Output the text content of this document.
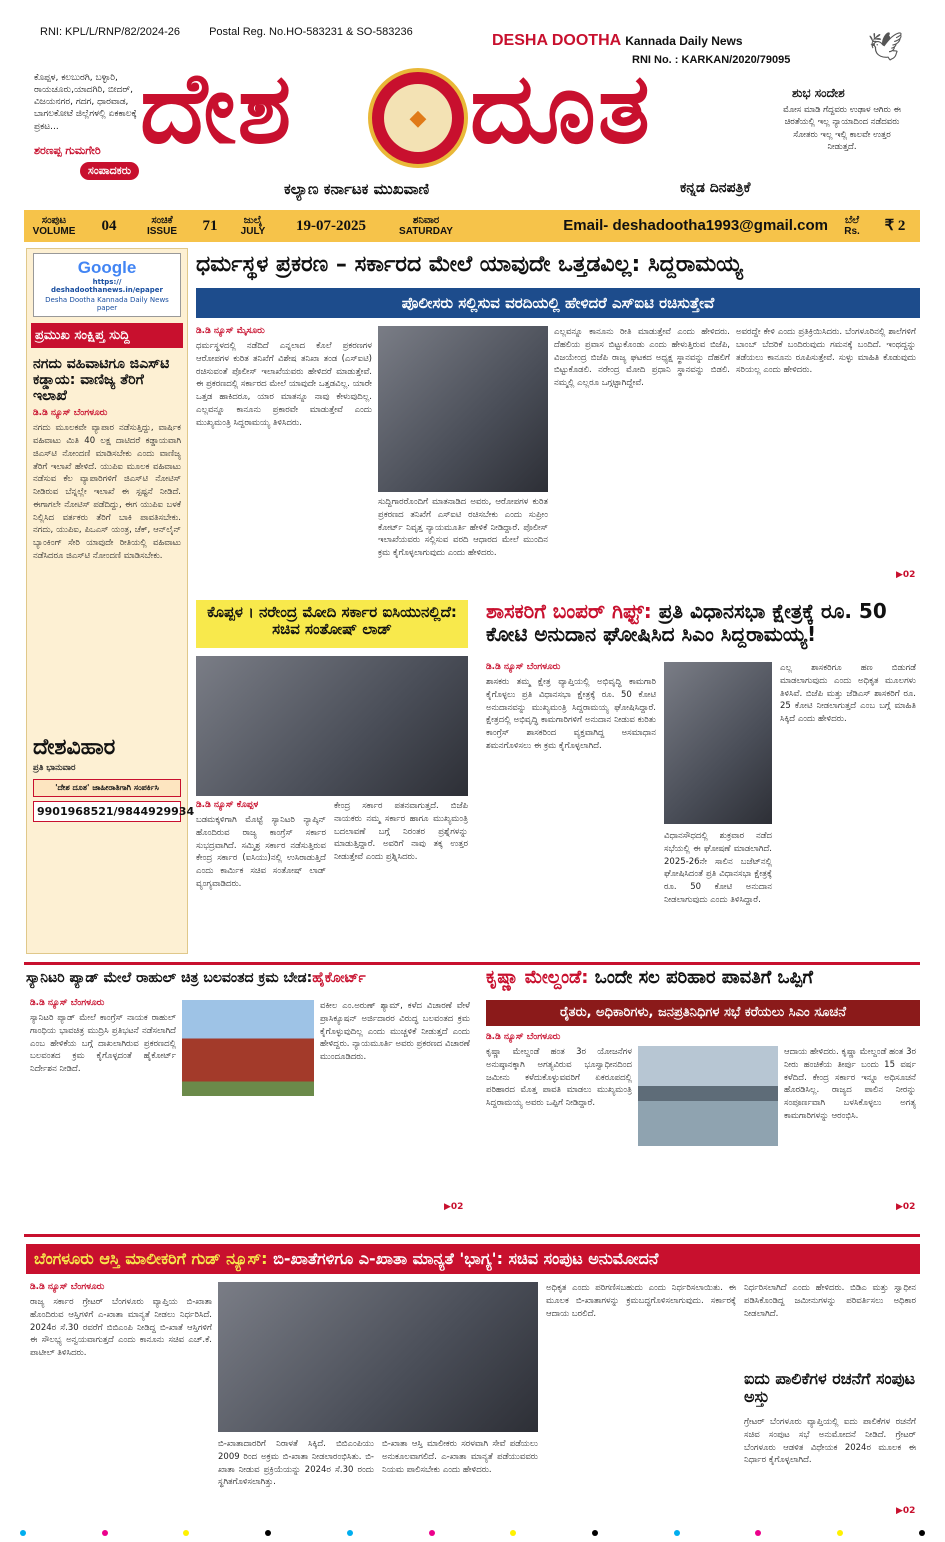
RNI: KPL/L/RNP/82/2024-26	Postal Reg. No.HO-583231 & SO-583236	DESHA DOOTHA Kannada Daily News
RNI No. : KARKAN/2020/79095	🕊
ದೇಶ ದೂತ
◆
ಕಲ್ಯಾಣ ಕರ್ನಾಟಕ ಮುಖವಾಣಿ	ಕನ್ನಡ ದಿನಪತ್ರಿಕೆ
ಕೊಪ್ಪಳ, ಕಲಬುರಗಿ, ಬಳ್ಳಾರಿ, ರಾಯಚೂರು,ಯಾದಗಿರಿ, ಬೀದರ್, ವಿಜಯನಗರ, ಗದಗ, ಧಾರವಾಡ, ಬಾಗಲಕೋಟೆ ಜಿಲ್ಲೆಗಳಲ್ಲಿ ಏಕಕಾಲಕ್ಕೆ ಪ್ರಕಟ...
ಶರಣಪ್ಪ ಗುಮಗೇರಿ
ಸಂಪಾದಕರು
ಶುಭ ಸಂದೇಶ
ಮೋಸ ಮಾಡಿ ಗೆದ್ದವರು ಉಢಾಳ ಆಗಿರು ಈ ಚಿರತೆಯಲ್ಲಿ ಇಲ್ಲ ನ್ಯಾಯಾದಿಂದ ನಡೆದವರು ಸೋತರು ಇಲ್ಲ ಇಲ್ಲಿ ಕಾಲವೇ ಉತ್ತರ ನೀಡುತ್ತದೆ.
ಸಂಪುಟ VOLUME	04	ಸಂಚಿಕೆ ISSUE	71	ಜುಲೈ JULY	19-07-2025	ಶನಿವಾರ SATURDAY	Email- deshadootha1993@gmail.com	ಬೆಲೆ Rs.	₹ 2
Google
https:// deshadoothanews.in/epaper
Desha Dootha Kannada Daily News paper
ಪ್ರಮುಖ ಸಂಕ್ಷಿಪ್ತ ಸುದ್ದಿ
ನಗದು ವಹಿವಾಟಿಗೂ ಜಿಎಸ್‌ಟಿ ಕಡ್ಡಾಯ: ವಾಣಿಜ್ಯ ತೆರಿಗೆ ಇಲಾಖೆ
ಡಿ.ಡಿ ನ್ಯೂಸ್ ಬೆಂಗಳೂರು
ನಗದು ಮೂಲಕವೇ ವ್ಯಾಪಾರ ನಡೆಸುತ್ತಿದ್ದು, ವಾರ್ಷಿಕ ವಹಿವಾಟು ಮಿತಿ 40 ಲಕ್ಷ ದಾಟಿದರೆ ಕಡ್ಡಾಯವಾಗಿ ಜಿಎಸ್‌ಟಿ ನೋಂದಣಿ ಮಾಡಿಸಬೇಕು ಎಂದು ವಾಣಿಜ್ಯ ತೆರಿಗೆ ಇಲಾಖೆ ಹೇಳಿದೆ. ಯುಪಿಐ ಮೂಲಕ ವಹಿವಾಟು ನಡೆಸುವ ಕೆಲ ವ್ಯಾಪಾರಿಗಳಿಗೆ ಜಿಎಸ್‌ಟಿ ನೋಟಿಸ್ ನೀಡಿರುವ ಬೆನ್ನಲ್ಲೇ ಇಲಾಖೆ ಈ ಸ್ಪಷ್ಟನೆ ನೀಡಿದೆ. ಈಗಾಗಲೇ ನೋಟಿಸ್ ಪಡೆದಿದ್ದು, ಈಗ ಯುಪಿಐ ಬಳಕೆ ನಿಲ್ಲಿಸಿದ ವರ್ತಕರು ತೆರಿಗೆ ಬಾಕಿ ಪಾವತಿಸಬೇಕು. ನಗದು, ಯುಪಿಐ, ಪಿಒಎಸ್ ಯಂತ್ರ, ಚೆಕ್, ಆನ್‌ಲೈನ್ ಬ್ಯಾಂಕಿಂಗ್ ಸೇರಿ ಯಾವುದೇ ರೀತಿಯಲ್ಲಿ ವಹಿವಾಟು ನಡೆಸಿದರೂ ಜಿಎಸ್‌ಟಿ ನೋಂದಣಿ ಮಾಡಿಸಬೇಕು.
ದೇಶವಿಹಾರ
ಪ್ರತಿ ಭಾನುವಾರ
'ದೇಶ ದೂತ' ಜಾಹೀರಾತಿಗಾಗಿ ಸಂಪರ್ಕಿಸಿ
9901968521/9844929934
ಧರ್ಮಸ್ಥಳ ಪ್ರಕರಣ – ಸರ್ಕಾರದ ಮೇಲೆ ಯಾವುದೇ ಒತ್ತಡವಿಲ್ಲ: ಸಿದ್ದರಾಮಯ್ಯ
ಪೊಲೀಸರು ಸಲ್ಲಿಸುವ ವರದಿಯಲ್ಲಿ ಹೇಳಿದರೆ ಎಸ್‌ಐಟಿ ರಚಿಸುತ್ತೇವೆ
ಡಿ.ಡಿ ನ್ಯೂಸ್ ಮೈಸೂರು
ಧರ್ಮಸ್ಥಳದಲ್ಲಿ ನಡೆದಿದೆ ಎನ್ನಲಾದ ಕೊಲೆ ಪ್ರಕರಣಗಳ ಆರೋಪಗಳ ಕುರಿತ ತನಿಖೆಗೆ ವಿಶೇಷ ತನಿಖಾ ತಂಡ (ಎಸ್‌ಐಟಿ) ರಚಿಸುವಂತೆ ಪೊಲೀಸ್ ಇಲಾಖೆಯವರು ಹೇಳಿದರೆ ಮಾಡುತ್ತೇವೆ. ಈ ಪ್ರಕರಣದಲ್ಲಿ ಸರ್ಕಾರದ ಮೇಲೆ ಯಾವುದೇ ಒತ್ತಡವಿಲ್ಲ. ಯಾರೇ ಒತ್ತಡ ಹಾಕಿದರೂ, ಯಾರ ಮಾತನ್ನೂ ನಾವು ಕೇಳುವುದಿಲ್ಲ. ಎಲ್ಲವನ್ನೂ ಕಾನೂನು ಪ್ರಕಾರವೇ ಮಾಡುತ್ತೇವೆ ಎಂದು ಮುಖ್ಯಮಂತ್ರಿ ಸಿದ್ದರಾಮಯ್ಯ ತಿಳಿಸಿದರು.
ಸುದ್ದಿಗಾರರೊಂದಿಗೆ ಮಾತನಾಡಿದ ಅವರು, ಆರೋಪಗಳ ಕುರಿತ ಪ್ರಕರಣದ ತನಿಖೆಗೆ ಎಸ್‌ಐಟಿ ರಚಿಸಬೇಕು ಎಂದು ಸುಪ್ರೀಂ ಕೋರ್ಟ್ ನಿವೃತ್ತ ನ್ಯಾಯಮೂರ್ತಿ ಹೇಳಿಕೆ ನೀಡಿದ್ದಾರೆ. ಪೊಲೀಸ್ ಇಲಾಖೆಯವರು ಸಲ್ಲಿಸುವ ವರದಿ ಆಧಾರದ ಮೇಲೆ ಮುಂದಿನ ಕ್ರಮ ಕೈಗೊಳ್ಳಲಾಗುವುದು ಎಂದು ಹೇಳಿದರು.
ಎಲ್ಲವನ್ನೂ ಕಾನೂನು ರೀತಿ ಮಾಡುತ್ತೇವೆ ಎಂದು ಹೇಳಿದರು. ದೆಹಲಿಯ ಪ್ರವಾಸ ಬಿಟ್ಟುಕೊಂಡು ಎಂದು ಹೇಳುತ್ತಿರುವ ಬಿಜೆಪಿ, ವಿಜಯೇಂದ್ರ ಬಿಜೆಪಿ ರಾಜ್ಯ ಘಟಕದ ಅಧ್ಯಕ್ಷ ಸ್ಥಾನವನ್ನು ದೆಹಲಿಗೆ ಬಿಟ್ಟುಕೊಡಲಿ. ನರೇಂದ್ರ ಮೋದಿ ಪ್ರಧಾನಿ ಸ್ಥಾನವನ್ನು ಬಿಡಲಿ. ನಮ್ಮಲ್ಲಿ ಎಲ್ಲರೂ ಒಗ್ಗಟ್ಟಾಗಿದ್ದೇವೆ.
ಅವರದ್ದೇ ಕೇಳಿ ಎಂದು ಪ್ರತಿಕ್ರಿಯಿಸಿದರು. ಬೆಂಗಳೂರಿನಲ್ಲಿ ಶಾಲೆಗಳಿಗೆ ಬಾಂಬ್ ಬೆದರಿಕೆ ಬಂದಿರುವುದು ಗಮನಕ್ಕೆ ಬಂದಿದೆ. ಇಂಥದ್ದನ್ನು ತಡೆಯಲು ಕಾನೂನು ರೂಪಿಸುತ್ತೇವೆ. ಸುಳ್ಳು ಮಾಹಿತಿ ಕೊಡುವುದು ಸರಿಯಲ್ಲ ಎಂದು ಹೇಳಿದರು.
▶02
ಕೊಪ್ಪಳ । ನರೇಂದ್ರ ಮೋದಿ ಸರ್ಕಾರ ಐಸಿಯುನಲ್ಲಿದೆ: ಸಚಿವ ಸಂತೋಷ್ ಲಾಡ್
ಡಿ.ಡಿ ನ್ಯೂಸ್ ಕೊಪ್ಪಳ
ಬಡಮಕ್ಕಳಿಗಾಗಿ ಮೊಟ್ಟೆ ಸ್ಯಾನಿಟರಿ ನ್ಯಾಪ್ಕಿನ್ ಹೊಂದಿರುವ ರಾಜ್ಯ ಕಾಂಗ್ರೆಸ್ ಸರ್ಕಾರ ಸುಭದ್ರವಾಗಿದೆ. ಸಮ್ಮಿಶ್ರ ಸರ್ಕಾರ ನಡೆಸುತ್ತಿರುವ ಕೇಂದ್ರ ಸರ್ಕಾರ (ಐಸಿಯು)ನಲ್ಲಿ ಉಸಿರಾಡುತ್ತಿದೆ ಎಂದು ಕಾರ್ಮಿಕ ಸಚಿವ ಸಂತೋಷ್ ಲಾಡ್ ವ್ಯಂಗ್ಯವಾಡಿದರು.
ಕೇಂದ್ರ ಸರ್ಕಾರ ಪತನವಾಗುತ್ತದೆ. ಬಿಜೆಪಿ ನಾಯಕರು ನಮ್ಮ ಸರ್ಕಾರ ಹಾಗೂ ಮುಖ್ಯಮಂತ್ರಿ ಬದಲಾವಣೆ ಬಗ್ಗೆ ನಿರಂತರ ಪ್ರಶ್ನೆಗಳನ್ನು ಮಾಡುತ್ತಿದ್ದಾರೆ. ಅವರಿಗೆ ನಾವು ತಕ್ಕ ಉತ್ತರ ನೀಡುತ್ತೇವೆ ಎಂದು ಪ್ರಶ್ನಿಸಿದರು.
ಶಾಸಕರಿಗೆ ಬಂಪರ್ ಗಿಫ್ಟ್: ಪ್ರತಿ ವಿಧಾನಸಭಾ ಕ್ಷೇತ್ರಕ್ಕೆ ರೂ. 50 ಕೋಟಿ ಅನುದಾನ ಘೋಷಿಸಿದ ಸಿಎಂ ಸಿದ್ದರಾಮಯ್ಯ!
ಡಿ.ಡಿ ನ್ಯೂಸ್ ಬೆಂಗಳೂರು
ಶಾಸಕರು ತಮ್ಮ ಕ್ಷೇತ್ರ ವ್ಯಾಪ್ತಿಯಲ್ಲಿ ಅಭಿವೃದ್ಧಿ ಕಾಮಗಾರಿ ಕೈಗೊಳ್ಳಲು ಪ್ರತಿ ವಿಧಾನಸಭಾ ಕ್ಷೇತ್ರಕ್ಕೆ ರೂ. 50 ಕೋಟಿ ಅನುದಾನವನ್ನು ಮುಖ್ಯಮಂತ್ರಿ ಸಿದ್ದರಾಮಯ್ಯ ಘೋಷಿಸಿದ್ದಾರೆ. ಕ್ಷೇತ್ರದಲ್ಲಿ ಅಭಿವೃದ್ಧಿ ಕಾಮಗಾರಿಗಳಿಗೆ ಅನುದಾನ ನೀಡುವ ಕುರಿತು ಕಾಂಗ್ರೆಸ್ ಶಾಸಕರಿಂದ ವ್ಯಕ್ತವಾಗಿದ್ದ ಅಸಮಾಧಾನ ಶಮನಗೊಳಿಸಲು ಈ ಕ್ರಮ ಕೈಗೊಳ್ಳಲಾಗಿದೆ.
ವಿಧಾನಸೌಧದಲ್ಲಿ ಶುಕ್ರವಾರ ನಡೆದ ಸಭೆಯಲ್ಲಿ ಈ ಘೋಷಣೆ ಮಾಡಲಾಗಿದೆ. 2025-26ನೇ ಸಾಲಿನ ಬಜೆಟ್‌ನಲ್ಲಿ ಘೋಷಿಸಿದಂತೆ ಪ್ರತಿ ವಿಧಾನಸಭಾ ಕ್ಷೇತ್ರಕ್ಕೆ ರೂ. 50 ಕೋಟಿ ಅನುದಾನ ನೀಡಲಾಗುವುದು ಎಂದು ತಿಳಿಸಿದ್ದಾರೆ.
ಎಲ್ಲ ಶಾಸಕರಿಗೂ ಹಣ ಬಿಡುಗಡೆ ಮಾಡಲಾಗುವುದು ಎಂದು ಅಧಿಕೃತ ಮೂಲಗಳು ತಿಳಿಸಿವೆ. ಬಿಜೆಪಿ ಮತ್ತು ಜೆಡಿಎಸ್ ಶಾಸಕರಿಗೆ ರೂ. 25 ಕೋಟಿ ನೀಡಲಾಗುತ್ತದೆ ಎಂಬ ಬಗ್ಗೆ ಮಾಹಿತಿ ಸಿಕ್ಕಿದೆ ಎಂದು ಹೇಳಿದರು.
ಸ್ಯಾನಿಟರಿ ಪ್ಯಾಡ್ ಮೇಲೆ ರಾಹುಲ್ ಚಿತ್ರ ಬಲವಂತದ ಕ್ರಮ ಬೇಡ:ಹೈಕೋರ್ಟ್
ಡಿ.ಡಿ ನ್ಯೂಸ್ ಬೆಂಗಳೂರು
ಸ್ಯಾನಿಟರಿ ಪ್ಯಾಡ್ ಮೇಲೆ ಕಾಂಗ್ರೆಸ್ ನಾಯಕ ರಾಹುಲ್ ಗಾಂಧಿಯ ಭಾವಚಿತ್ರ ಮುದ್ರಿಸಿ ಪ್ರತಿಭಟನೆ ನಡೆಸಲಾಗಿದೆ ಎಂಬ ಹೇಳಿಕೆಯ ಬಗ್ಗೆ ದಾಖಲಾಗಿರುವ ಪ್ರಕರಣದಲ್ಲಿ ಬಲವಂತದ ಕ್ರಮ ಕೈಗೊಳ್ಳದಂತೆ ಹೈಕೋರ್ಟ್ ನಿರ್ದೇಶನ ನೀಡಿದೆ.
ವಕೀಲ ಎಂ.ಅರುಣ್ ಶ್ಯಾಮ್, ಕಳೆದ ವಿಚಾರಣೆ ವೇಳೆ ಪ್ರಾಸಿಕ್ಯೂಷನ್ ಅರ್ಜಿದಾರರ ವಿರುದ್ಧ ಬಲವಂತದ ಕ್ರಮ ಕೈಗೊಳ್ಳುವುದಿಲ್ಲ ಎಂದು ಮುಚ್ಚಳಿಕೆ ನೀಡುತ್ತದೆ ಎಂದು ಹೇಳಿದ್ದರು. ನ್ಯಾಯಮೂರ್ತಿ ಅವರು ಪ್ರಕರಣದ ವಿಚಾರಣೆ ಮುಂದೂಡಿದರು.
▶02
ಕೃಷ್ಣಾ ಮೇಲ್ದಂಡೆ: ಒಂದೇ ಸಲ ಪರಿಹಾರ ಪಾವತಿಗೆ ಒಪ್ಪಿಗೆ
ರೈತರು, ಅಧಿಕಾರಿಗಳು, ಜನಪ್ರತಿನಿಧಿಗಳ ಸಭೆ ಕರೆಯಲು ಸಿಎಂ ಸೂಚನೆ
ಡಿ.ಡಿ ನ್ಯೂಸ್ ಬೆಂಗಳೂರು
ಕೃಷ್ಣಾ ಮೇಲ್ದಂಡೆ ಹಂತ 3ರ ಯೋಜನೆಗಳ ಅನುಷ್ಠಾನಕ್ಕಾಗಿ ಅಗತ್ಯವಿರುವ ಭೂಸ್ವಾಧೀನದಿಂದ ಜಮೀನು ಕಳೆದುಕೊಳ್ಳುವವರಿಗೆ ಏಕರೂಪದಲ್ಲಿ ಪರಿಹಾರದ ಮೊತ್ತ ಪಾವತಿ ಮಾಡಲು ಮುಖ್ಯಮಂತ್ರಿ ಸಿದ್ದರಾಮಯ್ಯ ಅವರು ಒಪ್ಪಿಗೆ ನೀಡಿದ್ದಾರೆ.
ಆದಾಯ ಹೇಳಿದರು. ಕೃಷ್ಣಾ ಮೇಲ್ದಂಡೆ ಹಂತ 3ರ ನೀರು ಹಂಚಿಕೆಯ ತೀರ್ಪು ಬಂದು 15 ವರ್ಷ ಕಳೆದಿದೆ. ಕೇಂದ್ರ ಸರ್ಕಾರ ಇನ್ನೂ ಅಧಿಸೂಚನೆ ಹೊರಡಿಸಿಲ್ಲ. ರಾಜ್ಯದ ಪಾಲಿನ ನೀರನ್ನು ಸಂಪೂರ್ಣವಾಗಿ ಬಳಸಿಕೊಳ್ಳಲು ಅಗತ್ಯ ಕಾಮಗಾರಿಗಳನ್ನು ಆರಂಭಿಸಿ.
▶02
ಬೆಂಗಳೂರು ಆಸ್ತಿ ಮಾಲೀಕರಿಗೆ ಗುಡ್ ನ್ಯೂಸ್: ಬಿ-ಖಾತೆಗಳಿಗೂ ಎ-ಖಾತಾ ಮಾನ್ಯತೆ 'ಭಾಗ್ಯ': ಸಚಿವ ಸಂಪುಟ ಅನುಮೋದನೆ
ಡಿ.ಡಿ ನ್ಯೂಸ್ ಬೆಂಗಳೂರು
ರಾಜ್ಯ ಸರ್ಕಾರ ಗ್ರೇಟರ್ ಬೆಂಗಳೂರು ವ್ಯಾಪ್ತಿಯ ಬಿ-ಖಾತಾ ಹೊಂದಿರುವ ಆಸ್ತಿಗಳಿಗೆ ಎ-ಖಾತಾ ಮಾನ್ಯತೆ ನೀಡಲು ನಿರ್ಧರಿಸಿದೆ. 2024ರ ಸೆ.30 ರವರೆಗೆ ಬಿಬಿಎಂಪಿ ನೀಡಿದ್ದ ಬಿ-ಖಾತೆ ಆಸ್ತಿಗಳಿಗೆ ಈ ಸೌಲಭ್ಯ ಅನ್ವಯವಾಗುತ್ತದೆ ಎಂದು ಕಾನೂನು ಸಚಿವ ಎಚ್.ಕೆ. ಪಾಟೀಲ್ ತಿಳಿಸಿದರು.
ಬಿ-ಖಾತಾದಾರರಿಗೆ ನಿರಾಳತೆ ಸಿಕ್ಕಿದೆ. ಬಿಬಿಎಂಪಿಯು 2009 ರಿಂದ ಅಕ್ರಮ ಬಿ-ಖಾತಾ ನೀಡಲಾರಂಭಿಸಿತು. ಬಿ-ಖಾತಾ ನೀಡುವ ಪ್ರಕ್ರಿಯೆಯನ್ನು 2024ರ ಸೆ.30 ರಂದು ಸ್ಥಗಿತಗೊಳಿಸಲಾಗಿತ್ತು.
ಬಿ-ಖಾತಾ ಆಸ್ತಿ ಮಾಲೀಕರು ಸರಳವಾಗಿ ಸೇವೆ ಪಡೆಯಲು ಅನುಕೂಲವಾಗಲಿದೆ. ಎ-ಖಾತಾ ಮಾನ್ಯತೆ ಪಡೆಯುವವರು ನಿಯಮ ಪಾಲಿಸಬೇಕು ಎಂದು ಹೇಳಿದರು.
ಅಧಿಕೃತ ಎಂದು ಪರಿಗಣಿಸಬಹುದು ಎಂದು ನಿರ್ಧರಿಸಲಾಯಿತು. ಈ ಮೂಲಕ ಬಿ-ಖಾತಾಗಳನ್ನು ಕ್ರಮಬದ್ಧಗೊಳಿಸಲಾಗುವುದು. ಸರ್ಕಾರಕ್ಕೆ ಆದಾಯ ಬರಲಿದೆ.
ನಿರ್ಧರಿಸಲಾಗಿದೆ ಎಂದು ಹೇಳಿದರು. ಬಿಡಿಎ ಮತ್ತು ಸ್ವಾಧೀನ ಪಡಿಸಿಕೊಂಡಿದ್ದ ಜಮೀನುಗಳನ್ನು ಪರಿವರ್ತಿಸಲು ಅಧಿಕಾರ ನೀಡಲಾಗಿದೆ.
ಐದು ಪಾಲಿಕೆಗಳ ರಚನೆಗೆ ಸಂಪುಟ ಅಸ್ತು
ಗ್ರೇಟರ್ ಬೆಂಗಳೂರು ವ್ಯಾಪ್ತಿಯಲ್ಲಿ ಐದು ಪಾಲಿಕೆಗಳ ರಚನೆಗೆ ಸಚಿವ ಸಂಪುಟ ಸಭೆ ಅನುಮೋದನೆ ನೀಡಿದೆ. ಗ್ರೇಟರ್ ಬೆಂಗಳೂರು ಆಡಳಿತ ವಿಧೇಯಕ 2024ರ ಮೂಲಕ ಈ ನಿರ್ಧಾರ ಕೈಗೊಳ್ಳಲಾಗಿದೆ.
▶02
